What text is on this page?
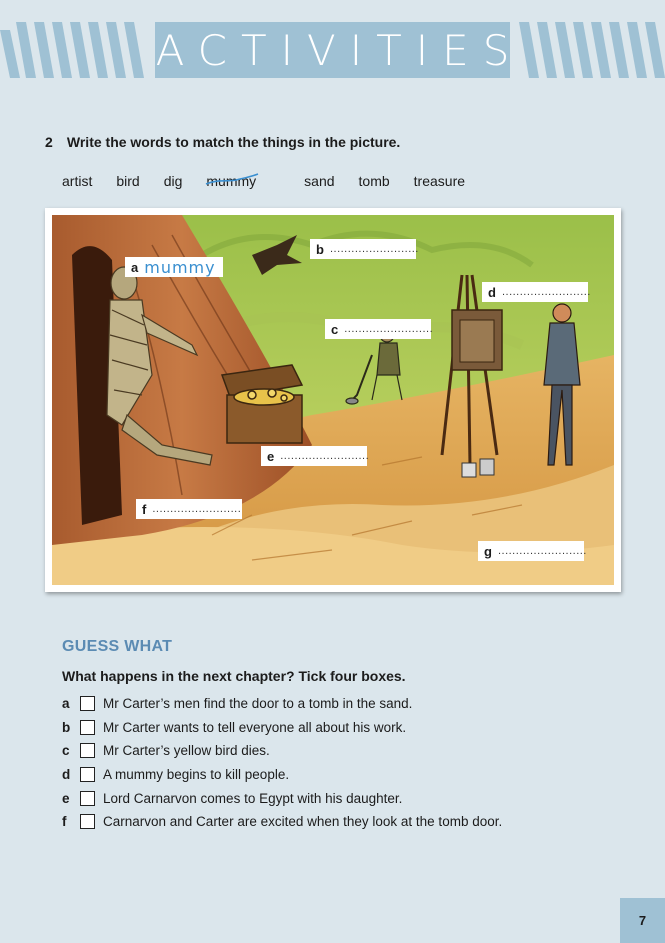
ACTIVITIES
2 Write the words to match the things in the picture.
artist bird dig mummy	sand tomb treasure
a mummy
b .........................
c .........................
d .........................
e .........................
f .........................
g .........................
GUESS WHAT
What happens in the next chapter? Tick four boxes.
a	Mr Carter’s men find the door to a tomb in the sand.
b	Mr Carter wants to tell everyone all about his work.
c	Mr Carter’s yellow bird dies.
d	A mummy begins to kill people.
e	Lord Carnarvon comes to Egypt with his daughter.
f	Carnarvon and Carter are excited when they look at the tomb door.
7
